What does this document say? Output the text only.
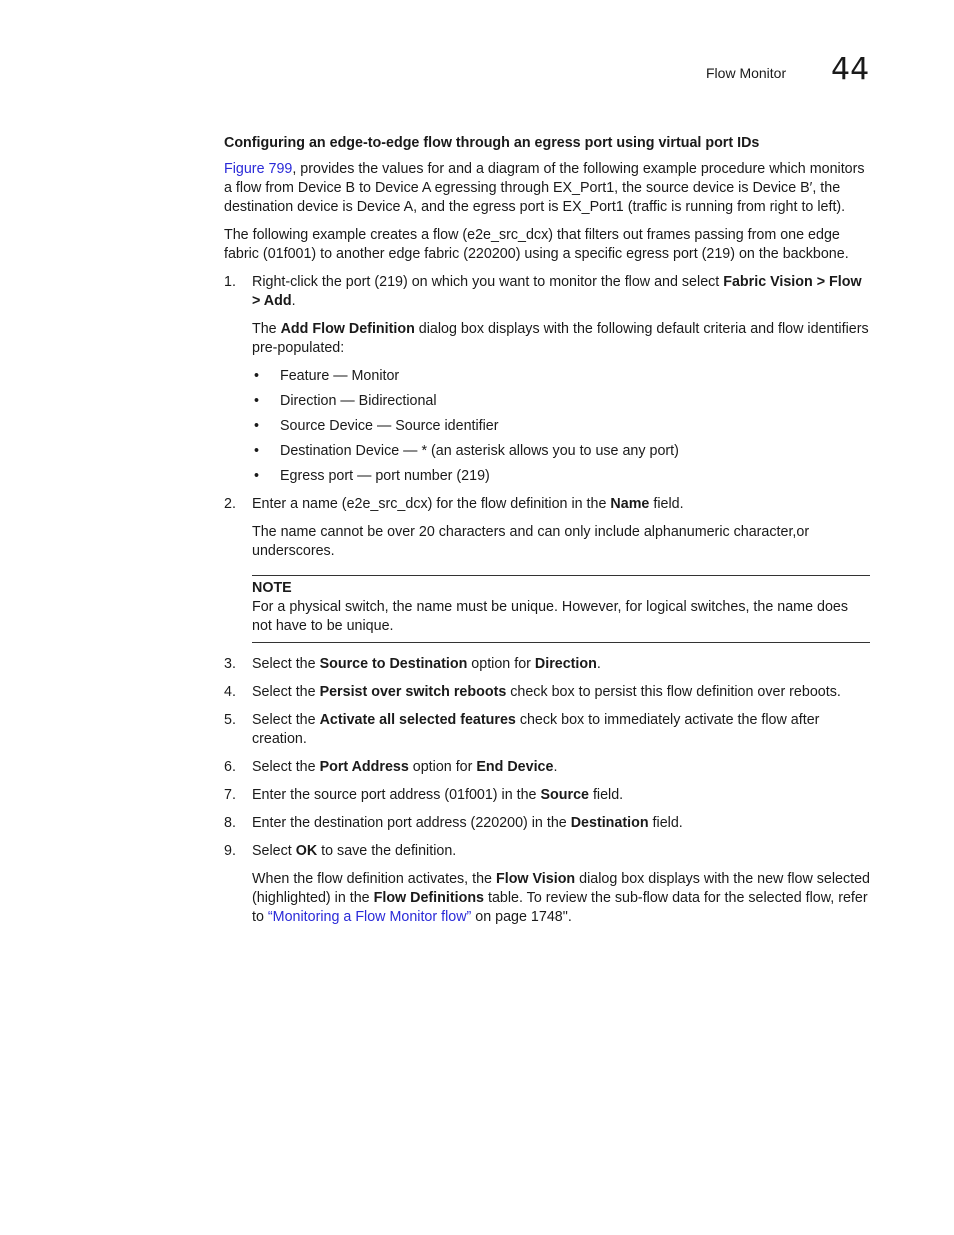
Flow Monitor 44
Configuring an edge-to-edge flow through an egress port using virtual port IDs

Figure 799, provides the values for and a diagram of the following example procedure which monitors a flow from Device B to Device A egressing through EX_Port1, the source device is Device B′, the destination device is Device A, and the egress port is EX_Port1 (traffic is running from right to left).

The following example creates a flow (e2e_src_dcx) that filters out frames passing from one edge fabric (01f001) to another edge fabric (220200) using a specific egress port (219) on the backbone.

1. Right-click the port (219) on which you want to monitor the flow and select Fabric Vision > Flow > Add.
The Add Flow Definition dialog box displays with the following default criteria and flow identifiers pre-populated:
• Feature — Monitor
• Direction — Bidirectional
• Source Device — Source identifier
• Destination Device — * (an asterisk allows you to use any port)
• Egress port — port number (219)
2. Enter a name (e2e_src_dcx) for the flow definition in the Name field.
The name cannot be over 20 characters and can only include alphanumeric character,or underscores.
NOTE
For a physical switch, the name must be unique. However, for logical switches, the name does not have to be unique.
3. Select the Source to Destination option for Direction.
4. Select the Persist over switch reboots check box to persist this flow definition over reboots.
5. Select the Activate all selected features check box to immediately activate the flow after creation.
6. Select the Port Address option for End Device.
7. Enter the source port address (01f001) in the Source field.
8. Enter the destination port address (220200) in the Destination field.
9. Select OK to save the definition.
When the flow definition activates, the Flow Vision dialog box displays with the new flow selected (highlighted) in the Flow Definitions table. To review the sub-flow data for the selected flow, refer to “Monitoring a Flow Monitor flow” on page 1748".
